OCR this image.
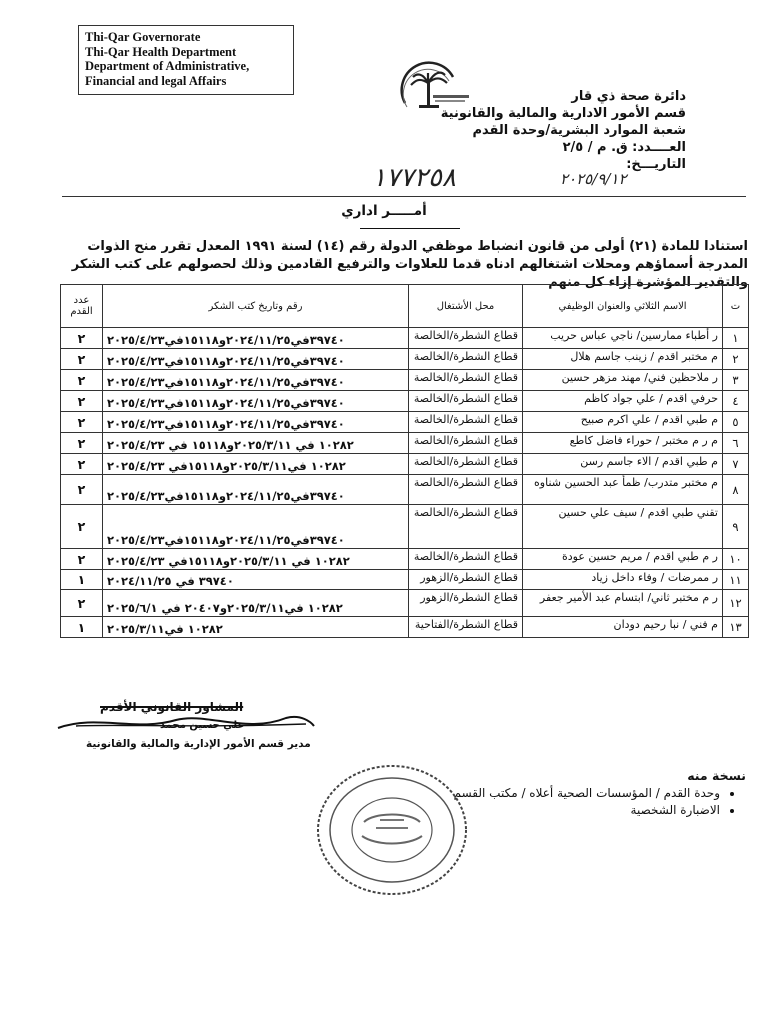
Thi-Qar Governorate
Thi-Qar Health Department
Department of Administrative,
Financial and legal Affairs
دائرة صحة ذي قار
قسم الأمور الادارية والمالية والقانونية
شعبة الموارد البشرية/وحدة القدم
العــــدد: ق. م / ٢/٥
التاريـــخ:
١٧٧٢٥٨	٢٠٢٥/٩/١٢
أمـــــر اداري
استنادا للمادة (٢١) أولى من قانون انضباط موظفي الدولة رقم (١٤) لسنة ١٩٩١ المعدل تقرر منح الذوات المدرجة أسماؤهم ومحلات اشتغالهم ادناه قدما للعلاوات والترفيع القادمين وذلك لحصولهم على كتب الشكر والتقدير المؤشرة إزاء كل منهم
ت	الاسم الثلاثي والعنوان الوظيفي	محل الأشتغال	رقم وتاريخ كتب الشكر	عدد القدم
١	ر أطباء ممارسين/ ناجي عباس حريب	قطاع الشطرة/الخالصة	٣٩٧٤٠في٢٠٢٤/١١/٢٥و١٥١١٨في٢٠٢٥/٤/٢٣	٢
٢	م مختبر اقدم / زينب جاسم هلال	قطاع الشطرة/الخالصة	٣٩٧٤٠في٢٠٢٤/١١/٢٥و١٥١١٨في٢٠٢٥/٤/٢٣	٢
٣	ر ملاحظين فني/ مهند مزهر حسين	قطاع الشطرة/الخالصة	٣٩٧٤٠في٢٠٢٤/١١/٢٥و١٥١١٨في٢٠٢٥/٤/٢٣	٢
٤	حرفي اقدم / علي جواد كاظم	قطاع الشطرة/الخالصة	٣٩٧٤٠في٢٠٢٤/١١/٢٥و١٥١١٨في٢٠٢٥/٤/٢٣	٢
٥	م طبي اقدم / علي اكرم صبيح	قطاع الشطرة/الخالصة	٣٩٧٤٠في٢٠٢٤/١١/٢٥و١٥١١٨في٢٠٢٥/٤/٢٣	٢
٦	م ر م مختبر / حوراء فاضل كاطع	قطاع الشطرة/الخالصة	١٠٢٨٢ في ٢٠٢٥/٣/١١و١٥١١٨ في ٢٠٢٥/٤/٢٣	٢
٧	م طبي اقدم / الاء جاسم رسن	قطاع الشطرة/الخالصة	١٠٢٨٢ في٢٠٢٥/٣/١١و١٥١١٨في ٢٠٢٥/٤/٢٣	٢
٨	م مختبر متدرب/ ظمأ عبد الحسين شناوه	قطاع الشطرة/الخالصة	٣٩٧٤٠في٢٠٢٤/١١/٢٥و١٥١١٨في٢٠٢٥/٤/٢٣	٢
٩	تقني طبي اقدم / سيف علي حسين	قطاع الشطرة/الخالصة	٣٩٧٤٠في٢٠٢٤/١١/٢٥و١٥١١٨في٢٠٢٥/٤/٢٣	٢
١٠	ر م طبي اقدم / مريم حسين عودة	قطاع الشطرة/الخالصة	١٠٢٨٢ في ٢٠٢٥/٣/١١و١٥١١٨في ٢٠٢٥/٤/٢٣	٢
١١	ر ممرضات / وفاء داخل زياد	قطاع الشطرة/الزهور	٣٩٧٤٠ في ٢٠٢٤/١١/٢٥	١
١٢	ر م مختبر ثاني/ ابتسام عبد الأمير جعفر	قطاع الشطرة/الزهور	١٠٢٨٢ في٢٠٢٥/٣/١١و٢٠٤٠٧ في ٢٠٢٥/٦/١	٢
١٣	م فني / نبا رحيم دودان	قطاع الشطرة/الفتاحية	١٠٢٨٢ في٢٠٢٥/٣/١١	١
المشاور القانوني الأقدم
علي حسين محمد
مدير قسم الأمور الإدارية والمالية والقانونية
نسخة منه
• وحدة القدم / المؤسسات الصحية أعلاه / مكتب القسم
• الاضبارة الشخصية
